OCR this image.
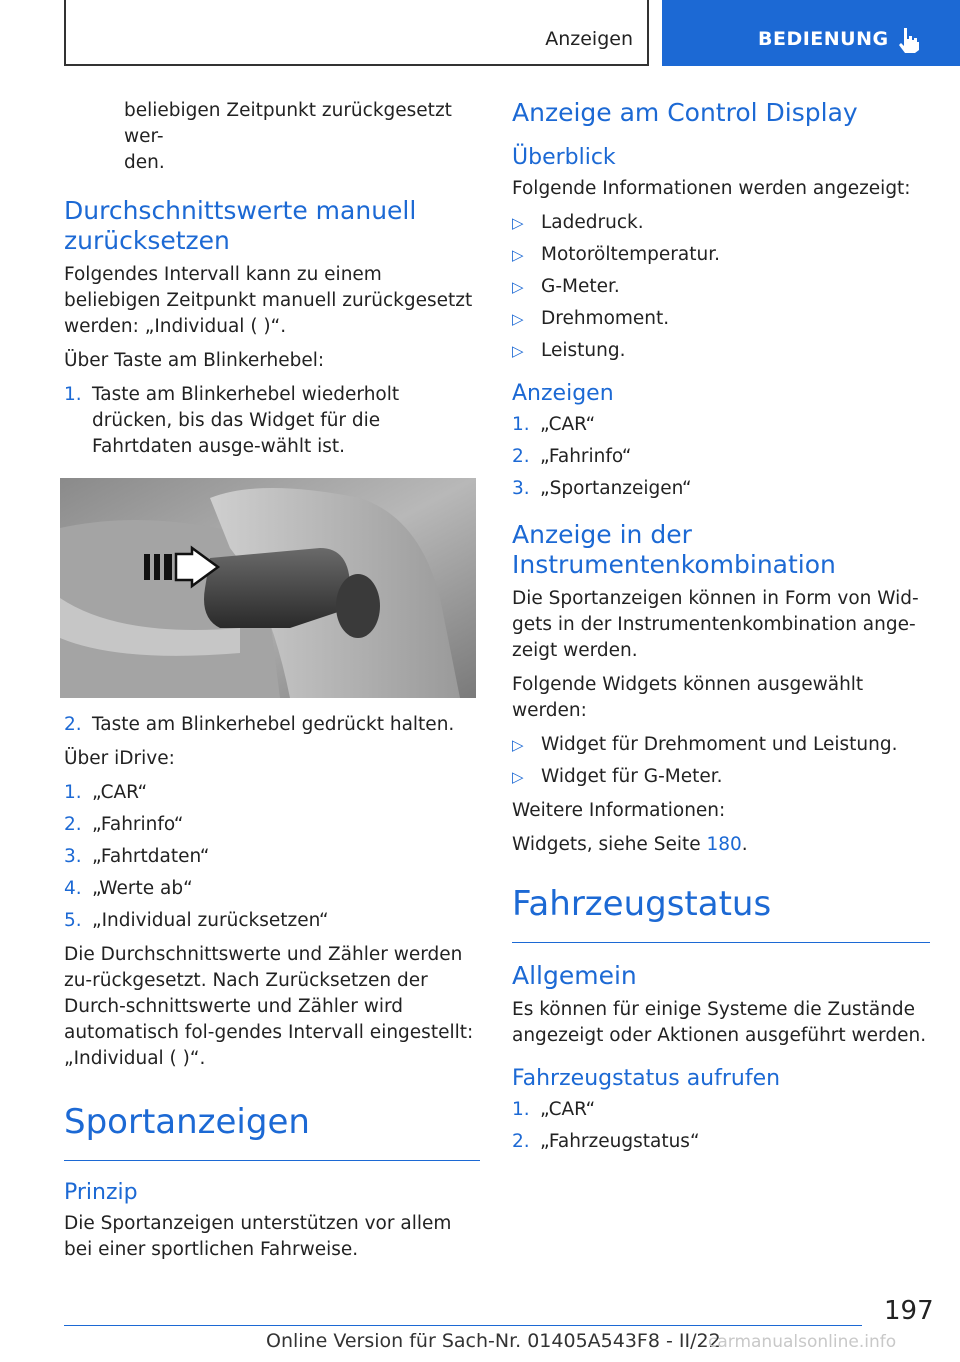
Anzeigen	BEDIENUNG

beliebigen Zeitpunkt zurückgesetzt wer-
den.

Durchschnittswerte manuell zurücksetzen

Folgendes Intervall kann zu einem beliebigen Zeitpunkt manuell zurückgesetzt werden: „Individual ( )“.

Über Taste am Blinkerhebel:

1. Taste am Blinkerhebel wiederholt drücken, bis das Widget für die Fahrtdaten ausge-wählt ist.
2. Taste am Blinkerhebel gedrückt halten.

Über iDrive:

1. „CAR“
2. „Fahrinfo“
3. „Fahrtdaten“
4. „Werte ab“
5. „Individual zurücksetzen“

Die Durchschnittswerte und Zähler werden zu-rückgesetzt. Nach Zurücksetzen der Durch-schnittswerte und Zähler wird automatisch fol-gendes Intervall eingestellt: „Individual ( )“.

Sportanzeigen
Prinzip

Die Sportanzeigen unterstützen vor allem bei einer sportlichen Fahrweise.

Anzeige am Control Display
Überblick

Folgende Informationen werden angezeigt:

▷ Ladedruck.
▷ Motoröltemperatur.
▷ G-Meter.
▷ Drehmoment.
▷ Leistung.
Anzeigen
1. „CAR“
2. „Fahrinfo“
3. „Sportanzeigen“
Anzeige in der Instrumentenkombination

Die Sportanzeigen können in Form von Wid-gets in der Instrumentenkombination ange-zeigt werden.

Folgende Widgets können ausgewählt werden:

▷ Widget für Drehmoment und Leistung.
▷ Widget für G-Meter.

Weitere Informationen:

Widgets, siehe Seite 180.

Fahrzeugstatus
Allgemein

Es können für einige Systeme die Zustände angezeigt oder Aktionen ausgeführt werden.

Fahrzeugstatus aufrufen
1. „CAR“
2. „Fahrzeugstatus“
197
Online Version für Sach-Nr. 01405A543F8 - II/22
carmanualsonline.info
